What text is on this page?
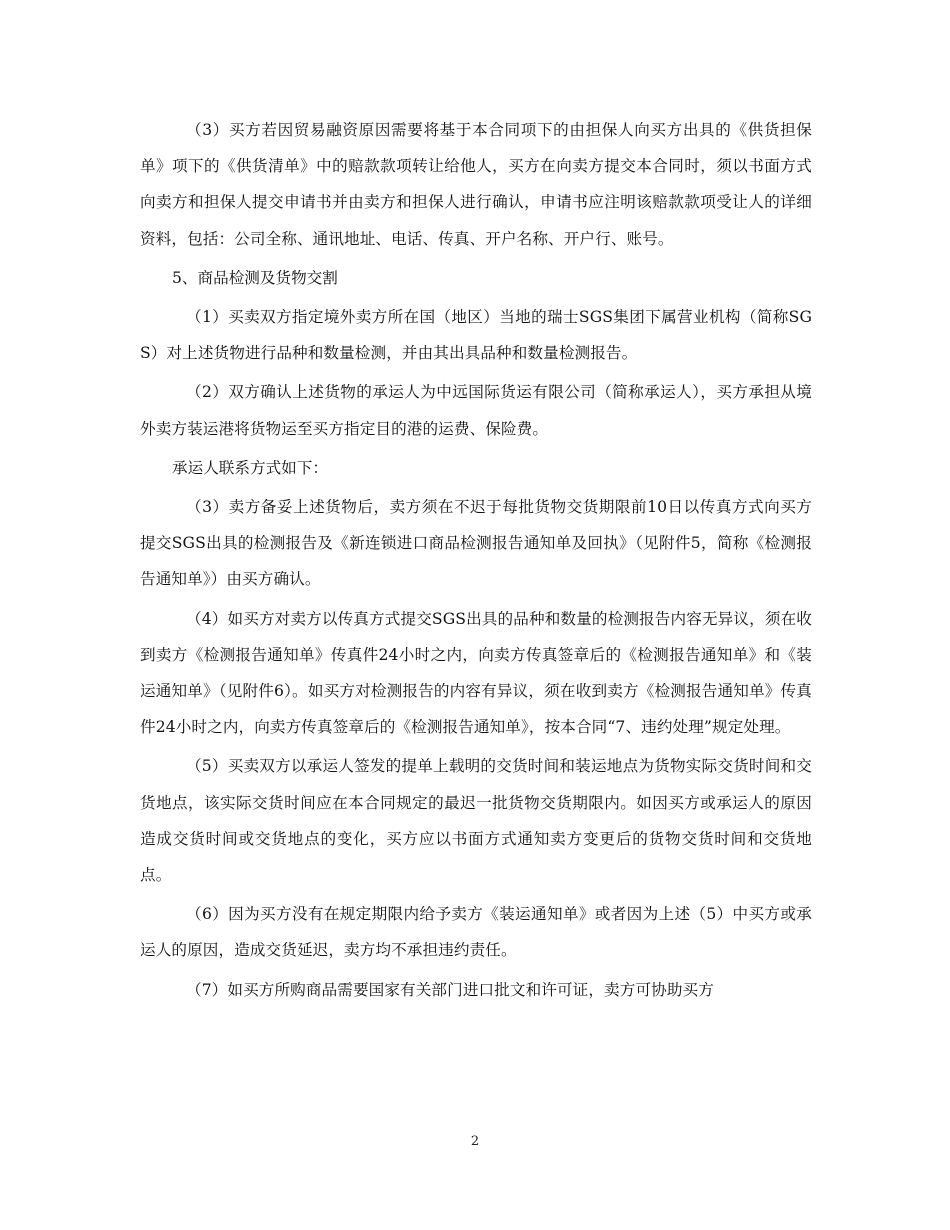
（3）买方若因贸易融资原因需要将基于本合同项下的由担保人向买方出具的《供货担保单》项下的《供货清单》中的赔款款项转让给他人，买方在向卖方提交本合同时，须以书面方式向卖方和担保人提交申请书并由卖方和担保人进行确认，申请书应注明该赔款款项受让人的详细资料，包括：公司全称、通讯地址、电话、传真、开户名称、开户行、账号。

5、商品检测及货物交割

（1）买卖双方指定境外卖方所在国（地区）当地的瑞士SGS集团下属营业机构（简称SGS）对上述货物进行品种和数量检测，并由其出具品种和数量检测报告。

（2）双方确认上述货物的承运人为中远国际货运有限公司（简称承运人），买方承担从境外卖方装运港将货物运至买方指定目的港的运费、保险费。

承运人联系方式如下：

（3）卖方备妥上述货物后，卖方须在不迟于每批货物交货期限前10日以传真方式向买方提交SGS出具的检测报告及《新连锁进口商品检测报告通知单及回执》（见附件5，简称《检测报告通知单》）由买方确认。

（4）如买方对卖方以传真方式提交SGS出具的品种和数量的检测报告内容无异议，须在收到卖方《检测报告通知单》传真件24小时之内，向卖方传真签章后的《检测报告通知单》和《装运通知单》（见附件6）。如买方对检测报告的内容有异议，须在收到卖方《检测报告通知单》传真件24小时之内，向卖方传真签章后的《检测报告通知单》，按本合同“7、违约处理”规定处理。

（5）买卖双方以承运人签发的提单上载明的交货时间和装运地点为货物实际交货时间和交货地点，该实际交货时间应在本合同规定的最迟一批货物交货期限内。如因买方或承运人的原因造成交货时间或交货地点的变化，买方应以书面方式通知卖方变更后的货物交货时间和交货地点。

（6）因为买方没有在规定期限内给予卖方《装运通知单》或者因为上述（5）中买方或承运人的原因，造成交货延迟，卖方均不承担违约责任。

（7）如买方所购商品需要国家有关部门进口批文和许可证，卖方可协助买方

2
